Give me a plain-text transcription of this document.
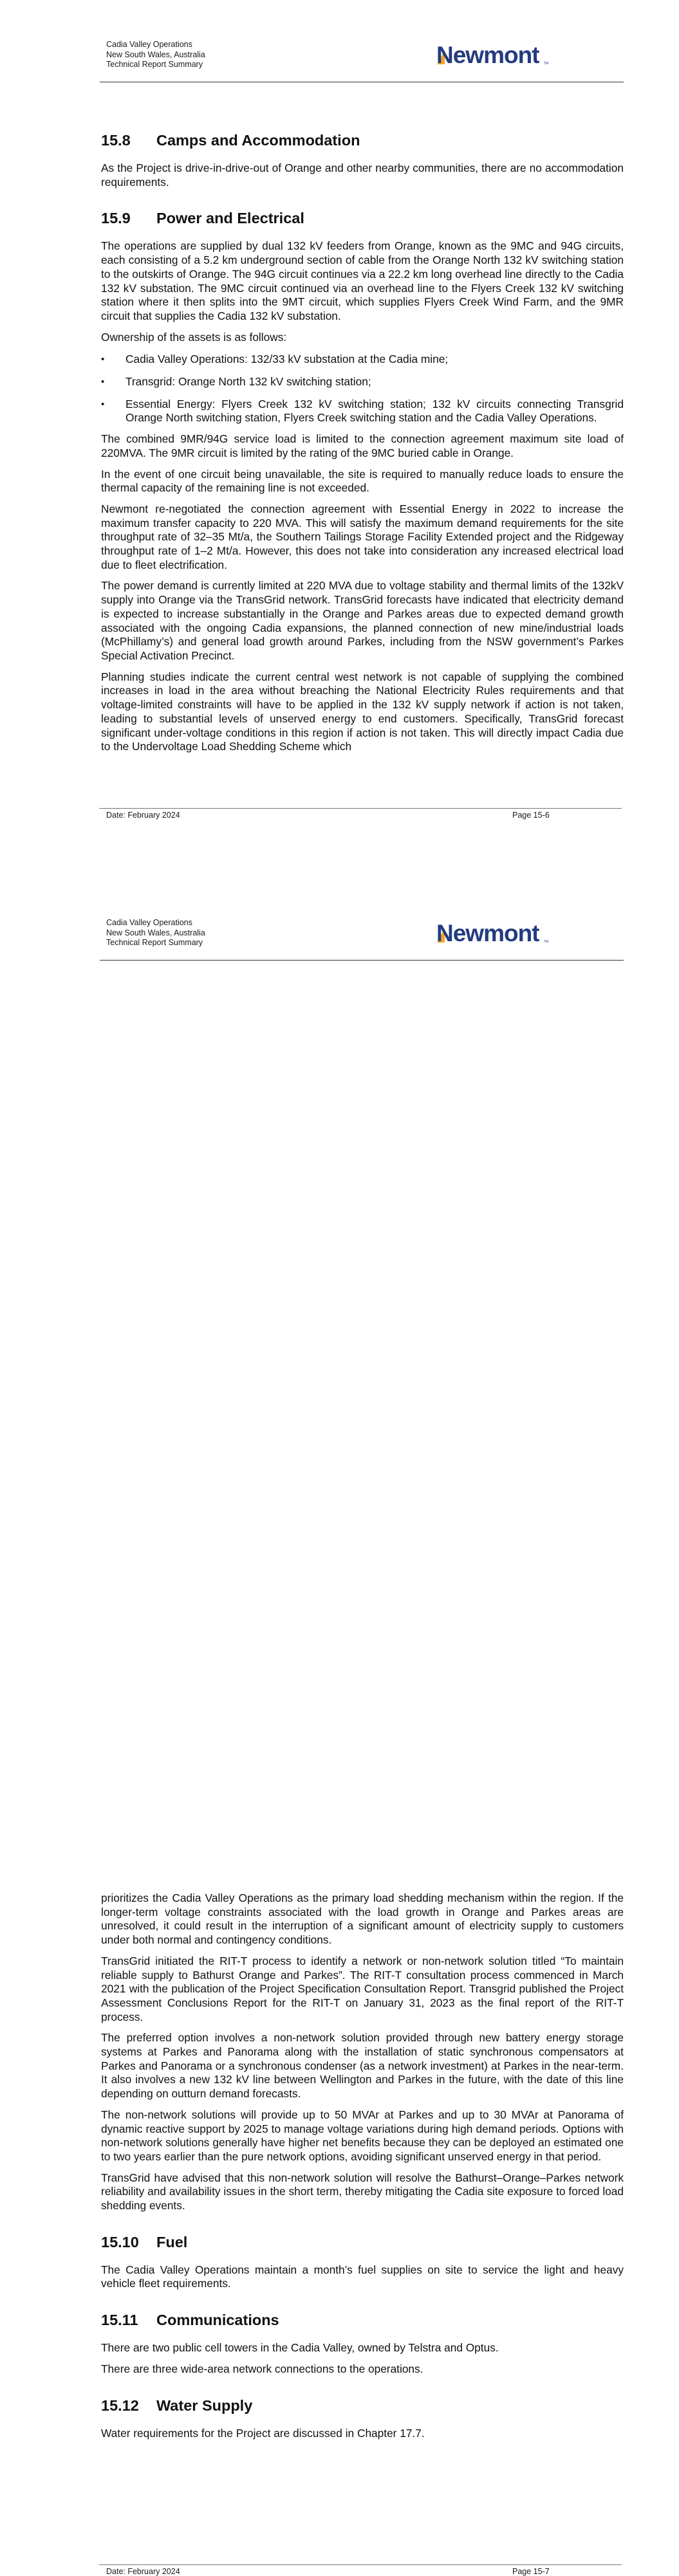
Cadia Valley Operations
New South Wales, Australia
Technical Report Summary	Newmont TM
15.8	Camps and Accommodation

As the Project is drive-in-drive-out of Orange and other nearby communities, there are no accommodation requirements.

15.9	Power and Electrical

The operations are supplied by dual 132 kV feeders from Orange, known as the 9MC and 94G circuits, each consisting of a 5.2 km underground section of cable from the Orange North 132 kV switching station to the outskirts of Orange. The 94G circuit continues via a 22.2 km long overhead line directly to the Cadia 132 kV substation. The 9MC circuit continued via an overhead line to the Flyers Creek 132 kV switching station where it then splits into the 9MT circuit, which supplies Flyers Creek Wind Farm, and the 9MR circuit that supplies the Cadia 132 kV substation.

Ownership of the assets is as follows:

•	Cadia Valley Operations: 132/33 kV substation at the Cadia mine;
•	Transgrid: Orange North 132 kV switching station;
•	Essential Energy: Flyers Creek 132 kV switching station; 132 kV circuits connecting Transgrid Orange North switching station, Flyers Creek switching station and the Cadia Valley Operations.

The combined 9MR/94G service load is limited to the connection agreement maximum site load of 220MVA. The 9MR circuit is limited by the rating of the 9MC buried cable in Orange.

In the event of one circuit being unavailable, the site is required to manually reduce loads to ensure the thermal capacity of the remaining line is not exceeded.

Newmont re-negotiated the connection agreement with Essential Energy in 2022 to increase the maximum transfer capacity to 220 MVA. This will satisfy the maximum demand requirements for the site throughput rate of 32–35 Mt/a, the Southern Tailings Storage Facility Extended project and the Ridgeway throughput rate of 1–2 Mt/a. However, this does not take into consideration any increased electrical load due to fleet electrification.

The power demand is currently limited at 220 MVA due to voltage stability and thermal limits of the 132kV supply into Orange via the TransGrid network. TransGrid forecasts have indicated that electricity demand is expected to increase substantially in the Orange and Parkes areas due to expected demand growth associated with the ongoing Cadia expansions, the planned connection of new mine/industrial loads (McPhillamy’s) and general load growth around Parkes, including from the NSW government’s Parkes Special Activation Precinct.

Planning studies indicate the current central west network is not capable of supplying the combined increases in load in the area without breaching the National Electricity Rules requirements and that voltage-limited constraints will have to be applied in the 132 kV supply network if action is not taken, leading to substantial levels of unserved energy to end customers. Specifically, TransGrid forecast significant under-voltage conditions in this region if action is not taken. This will directly impact Cadia due to the Undervoltage Load Shedding Scheme which

Date: February 2024	Page 15-6
Cadia Valley Operations
New South Wales, Australia
Technical Report Summary	Newmont TM

prioritizes the Cadia Valley Operations as the primary load shedding mechanism within the region. If the longer-term voltage constraints associated with the load growth in Orange and Parkes areas are unresolved, it could result in the interruption of a significant amount of electricity supply to customers under both normal and contingency conditions.

TransGrid initiated the RIT-T process to identify a network or non-network solution titled “To maintain reliable supply to Bathurst Orange and Parkes”. The RIT-T consultation process commenced in March 2021 with the publication of the Project Specification Consultation Report. Transgrid published the Project Assessment Conclusions Report for the RIT-T on January 31, 2023 as the final report of the RIT-T process.

The preferred option involves a non-network solution provided through new battery energy storage systems at Parkes and Panorama along with the installation of static synchronous compensators at Parkes and Panorama or a synchronous condenser (as a network investment) at Parkes in the near-term. It also involves a new 132 kV line between Wellington and Parkes in the future, with the date of this line depending on outturn demand forecasts.

The non-network solutions will provide up to 50 MVAr at Parkes and up to 30 MVAr at Panorama of dynamic reactive support by 2025 to manage voltage variations during high demand periods. Options with non-network solutions generally have higher net benefits because they can be deployed an estimated one to two years earlier than the pure network options, avoiding significant unserved energy in that period.

TransGrid have advised that this non-network solution will resolve the Bathurst–Orange–Parkes network reliability and availability issues in the short term, thereby mitigating the Cadia site exposure to forced load shedding events.

15.10	Fuel

The Cadia Valley Operations maintain a month’s fuel supplies on site to service the light and heavy vehicle fleet requirements.

15.11	Communications

There are two public cell towers in the Cadia Valley, owned by Telstra and Optus.

There are three wide-area network connections to the operations.

15.12	Water Supply

Water requirements for the Project are discussed in Chapter 17.7.

Date: February 2024	Page 15-7
